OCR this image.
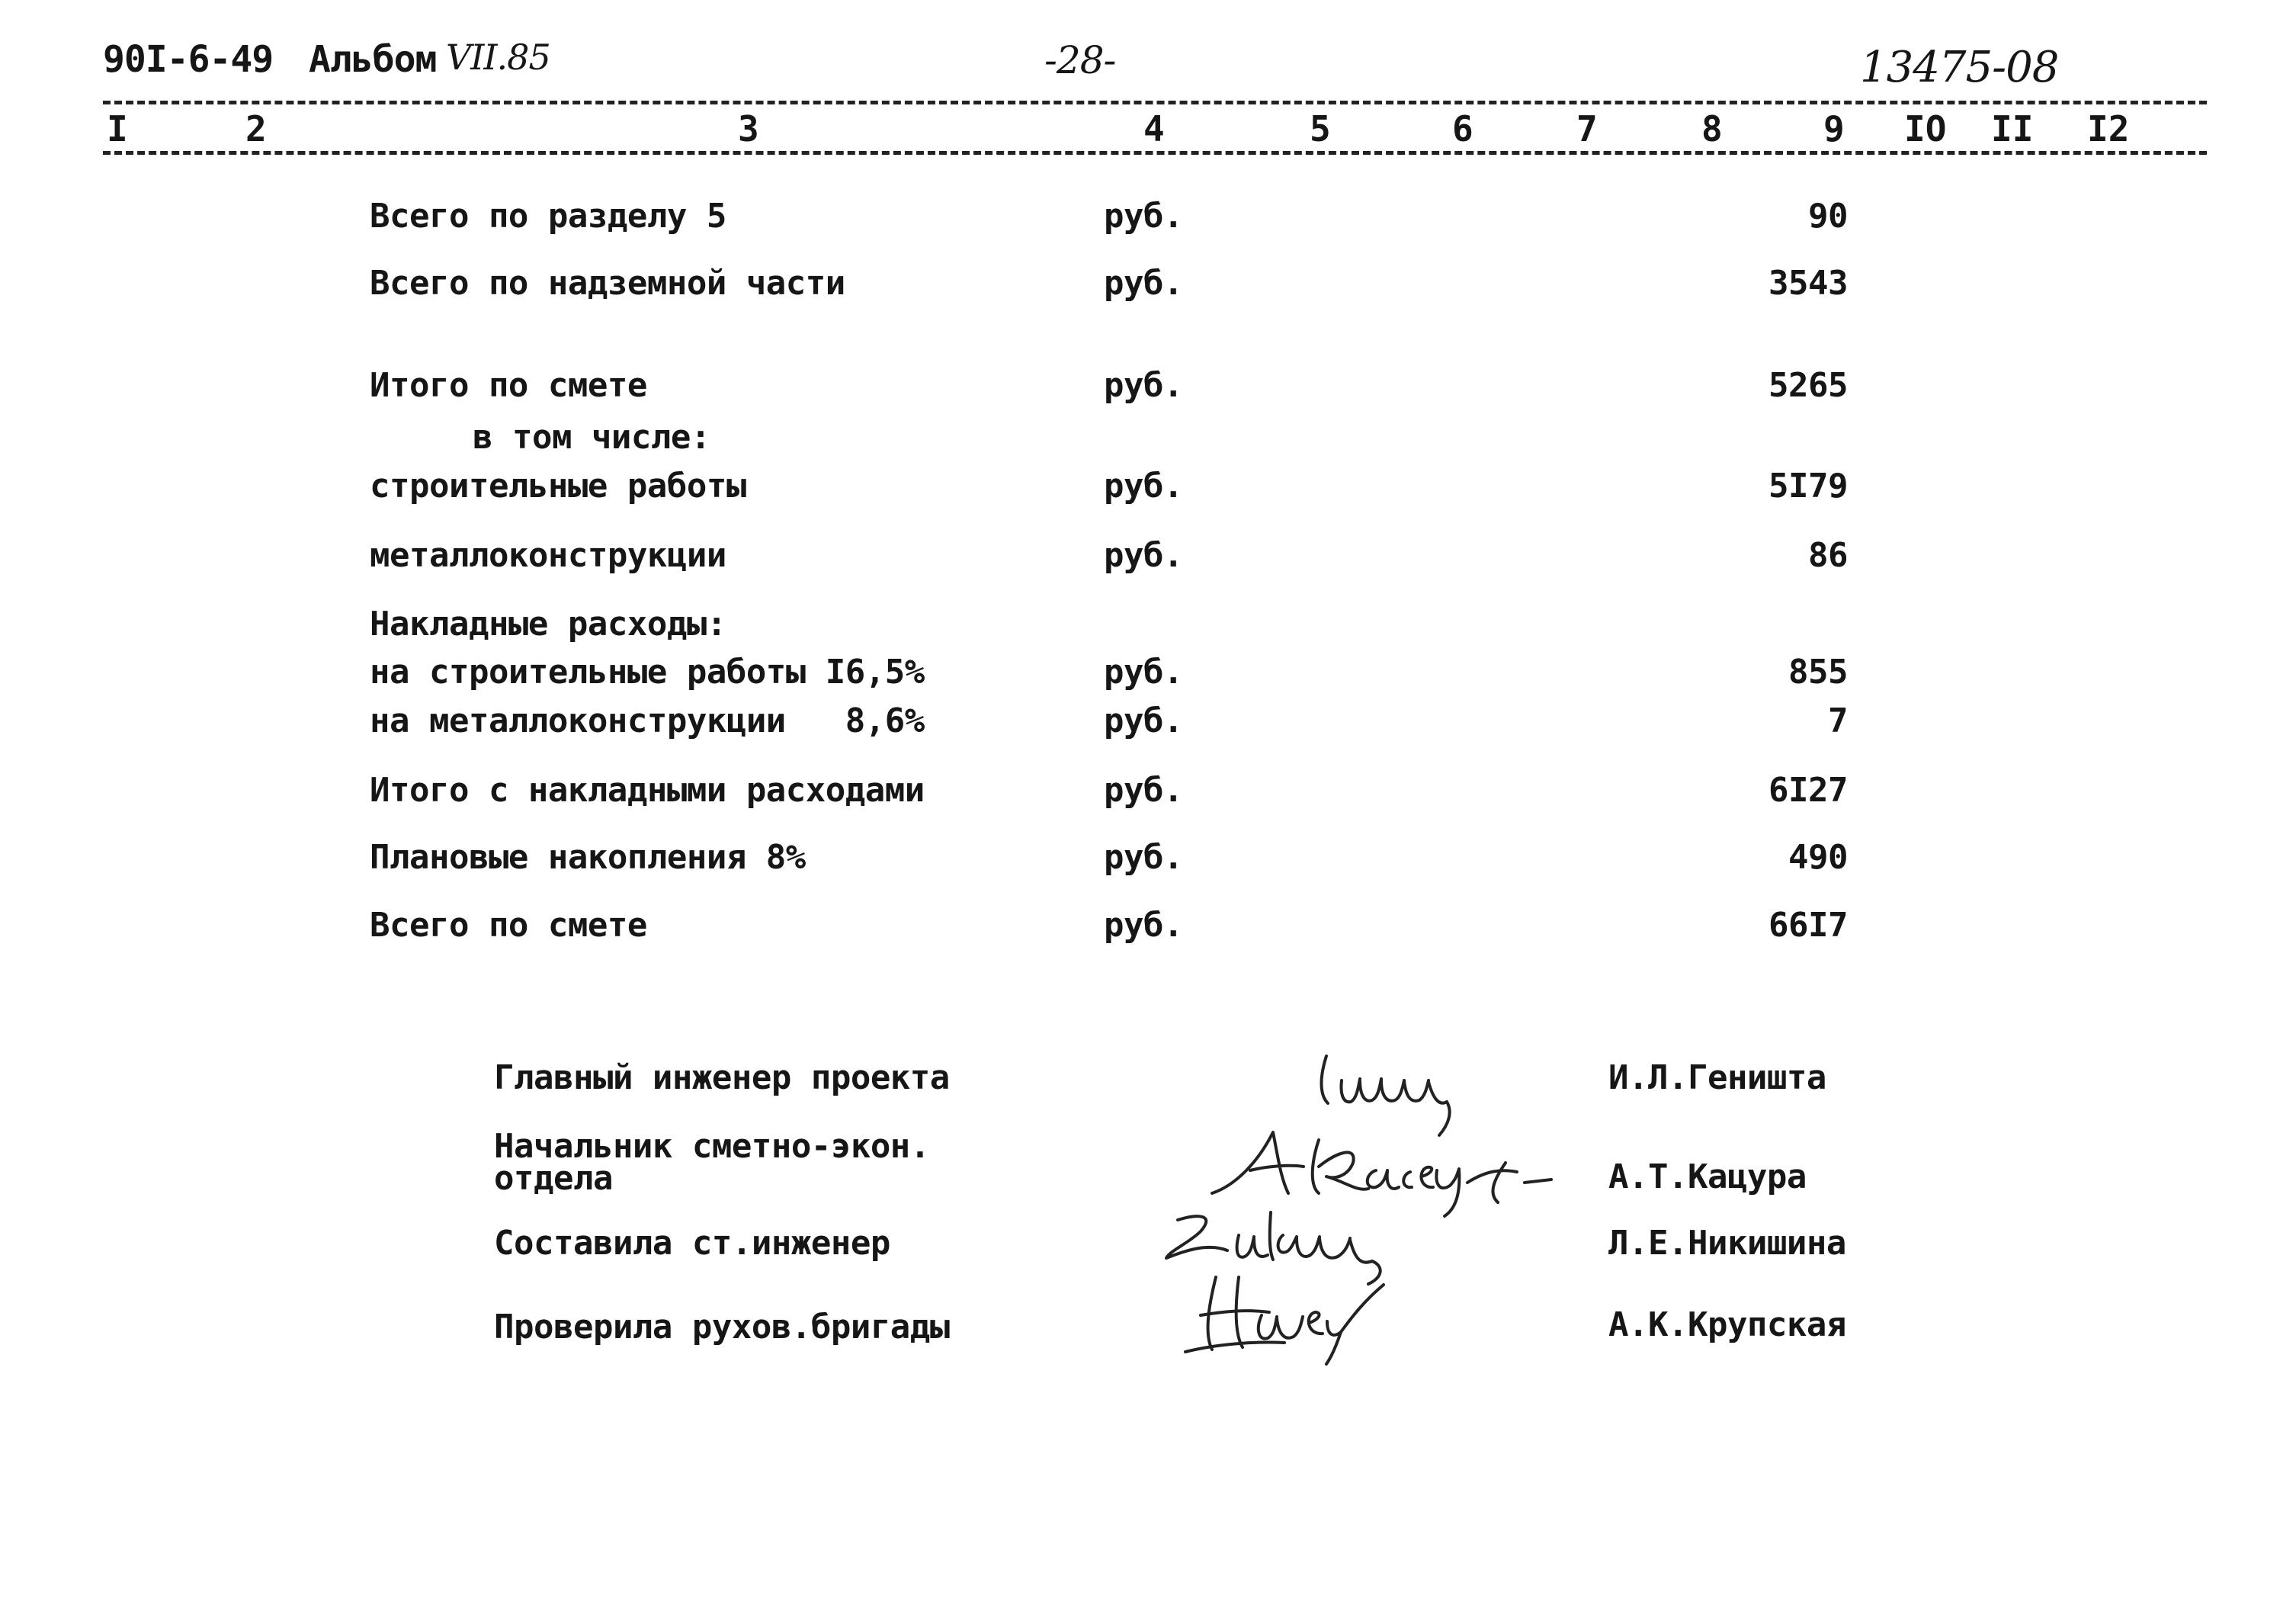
90I-6-49 Альбом VII.85	-28-	13475-08
I	2	3	4	5	6	7	8	9 IO II I2
Всего по разделу 5	руб.	90
Всего по надземной части	руб.	3543
Итого по смете	руб.	5265
в том числе:
строительные работы	руб.	5I79
металлоконструкции	руб.	86
Накладные расходы:
на строительные работы I6,5%	руб.	855
на металлоконструкции   8,6%	руб.	7
Итого с накладными расходами	руб.	6I27
Плановые накопления 8%	руб.	490
Всего по смете	руб.	66I7
Главный инженер проекта	И.Л.Геништа
Начальник сметно-экон.
отдела	А.Т.Кацура
Составила ст.инженер	Л.Е.Никишина
Проверила рухов.бригады	А.К.Крупская
